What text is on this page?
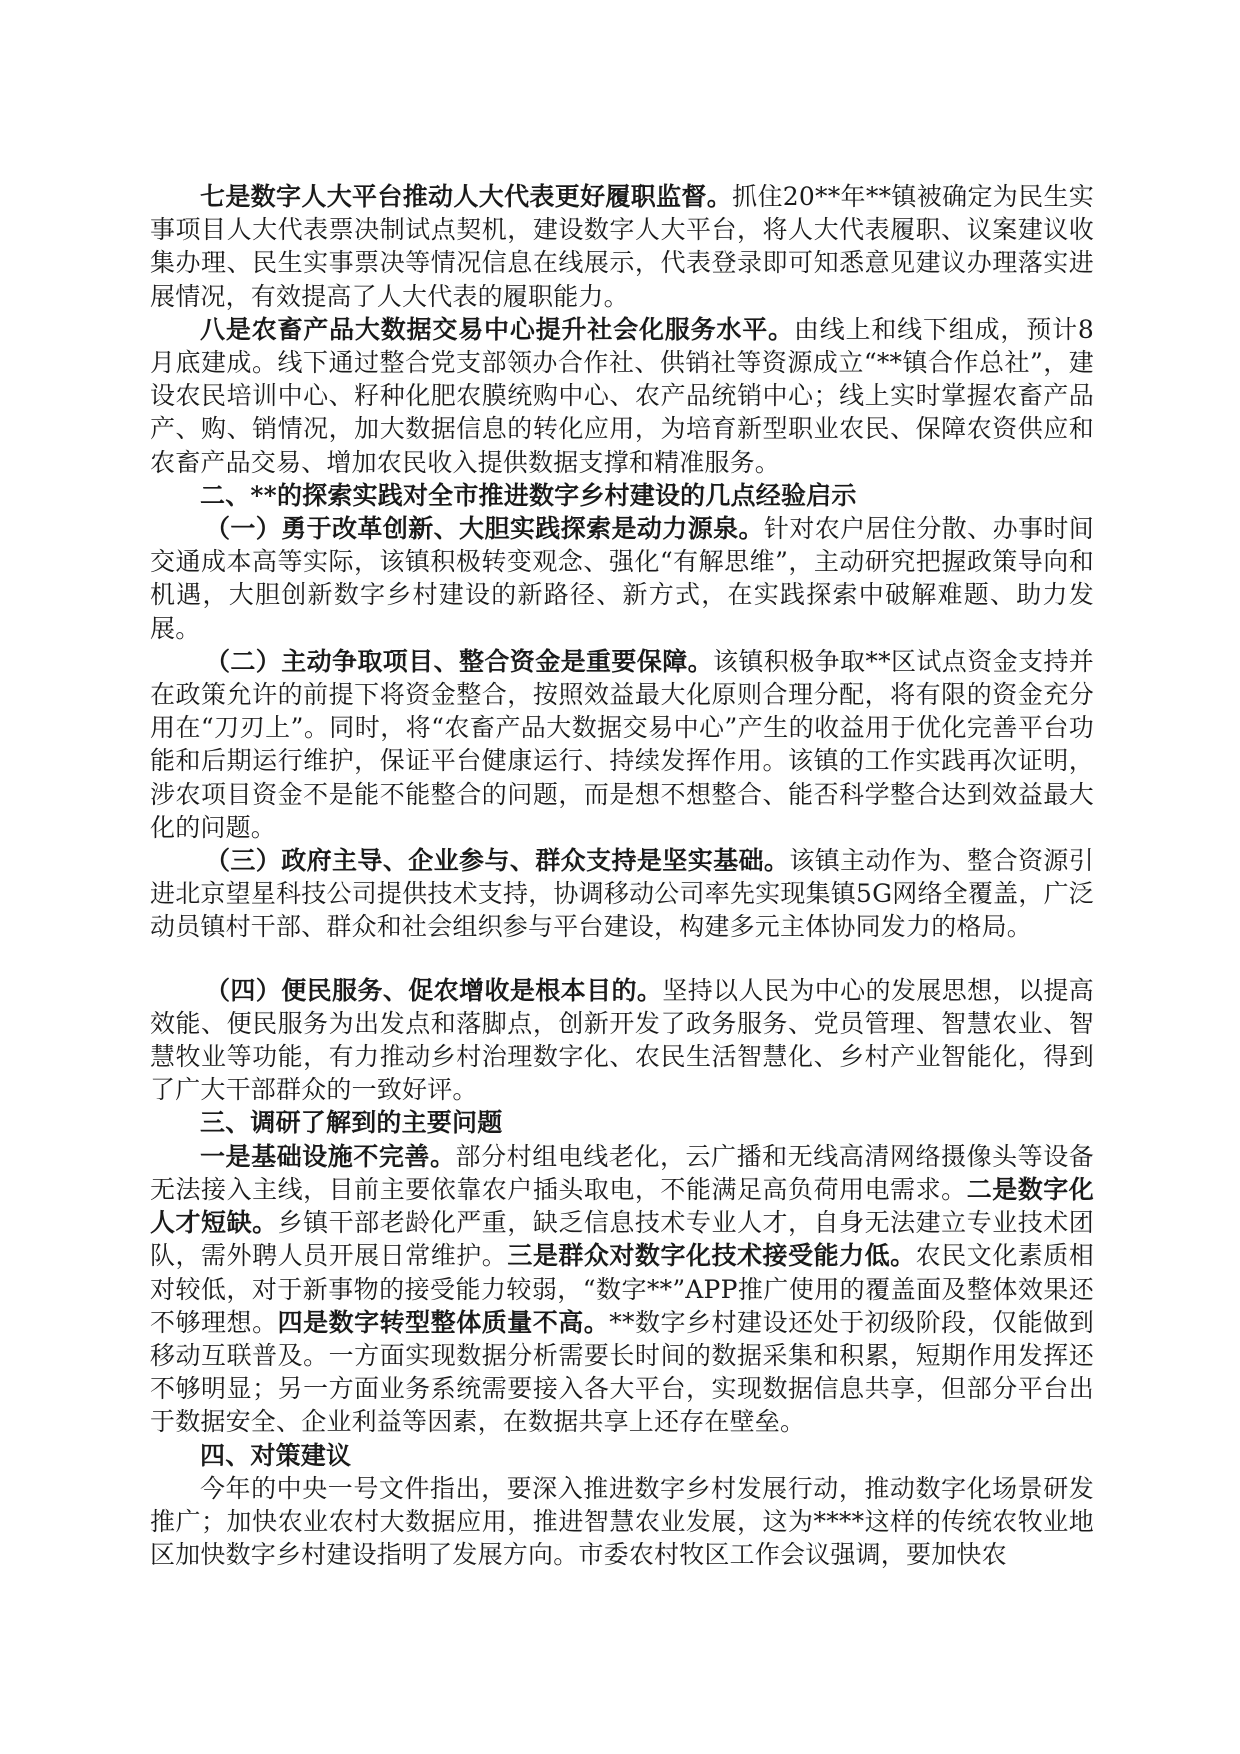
七是数字人大平台推动人大代表更好履职监督。抓住20**年**镇被确定为民生实事项目人大代表票决制试点契机，建设数字人大平台，将人大代表履职、议案建议收集办理、民生实事票决等情况信息在线展示，代表登录即可知悉意见建议办理落实进展情况，有效提高了人大代表的履职能力。

八是农畜产品大数据交易中心提升社会化服务水平。由线上和线下组成，预计8月底建成。线下通过整合党支部领办合作社、供销社等资源成立“**镇合作总社”，建设农民培训中心、籽种化肥农膜统购中心、农产品统销中心；线上实时掌握农畜产品产、购、销情况，加大数据信息的转化应用，为培育新型职业农民、保障农资供应和农畜产品交易、增加农民收入提供数据支撑和精准服务。

二、**的探索实践对全市推进数字乡村建设的几点经验启示

（一）勇于改革创新、大胆实践探索是动力源泉。针对农户居住分散、办事时间交通成本高等实际，该镇积极转变观念、强化“有解思维”，主动研究把握政策导向和机遇，大胆创新数字乡村建设的新路径、新方式，在实践探索中破解难题、助力发展。

（二）主动争取项目、整合资金是重要保障。该镇积极争取**区试点资金支持并在政策允许的前提下将资金整合，按照效益最大化原则合理分配，将有限的资金充分用在“刀刃上”。同时，将“农畜产品大数据交易中心”产生的收益用于优化完善平台功能和后期运行维护，保证平台健康运行、持续发挥作用。该镇的工作实践再次证明，涉农项目资金不是能不能整合的问题，而是想不想整合、能否科学整合达到效益最大化的问题。

（三）政府主导、企业参与、群众支持是坚实基础。该镇主动作为、整合资源引进北京望星科技公司提供技术支持，协调移动公司率先实现集镇5G网络全覆盖，广泛动员镇村干部、群众和社会组织参与平台建设，构建多元主体协同发力的格局。

（四）便民服务、促农增收是根本目的。坚持以人民为中心的发展思想，以提高效能、便民服务为出发点和落脚点，创新开发了政务服务、党员管理、智慧农业、智慧牧业等功能，有力推动乡村治理数字化、农民生活智慧化、乡村产业智能化，得到了广大干部群众的一致好评。

三、调研了解到的主要问题

一是基础设施不完善。部分村组电线老化，云广播和无线高清网络摄像头等设备无法接入主线，目前主要依靠农户插头取电，不能满足高负荷用电需求。二是数字化人才短缺。乡镇干部老龄化严重，缺乏信息技术专业人才，自身无法建立专业技术团队，需外聘人员开展日常维护。三是群众对数字化技术接受能力低。农民文化素质相对较低，对于新事物的接受能力较弱，“数字**”APP推广使用的覆盖面及整体效果还不够理想。四是数字转型整体质量不高。**数字乡村建设还处于初级阶段，仅能做到移动互联普及。一方面实现数据分析需要长时间的数据采集和积累，短期作用发挥还不够明显；另一方面业务系统需要接入各大平台，实现数据信息共享，但部分平台出于数据安全、企业利益等因素，在数据共享上还存在壁垒。

四、对策建议

今年的中央一号文件指出，要深入推进数字乡村发展行动，推动数字化场景研发推广；加快农业农村大数据应用，推进智慧农业发展，这为****这样的传统农牧业地区加快数字乡村建设指明了发展方向。市委农村牧区工作会议强调，要加快农
